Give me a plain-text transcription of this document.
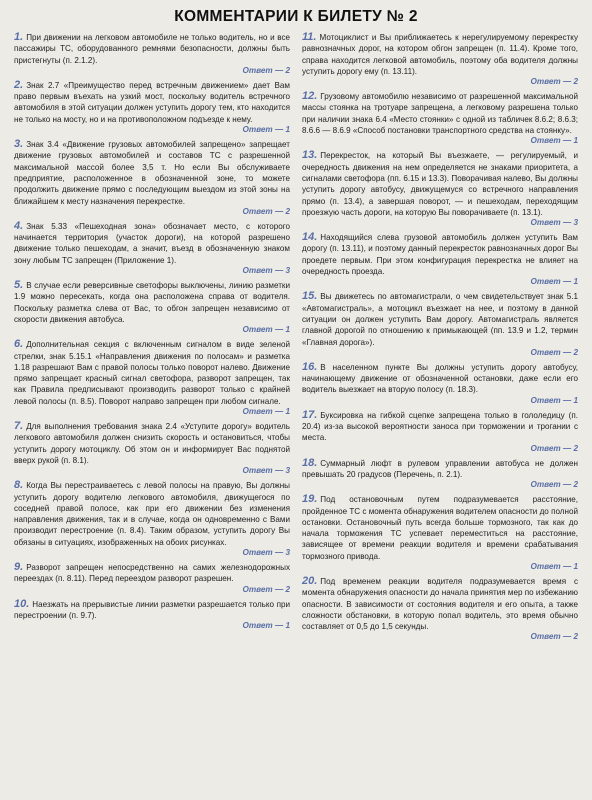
КОММЕНТАРИИ К БИЛЕТУ № 2
1. При движении на легковом автомобиле не только водитель, но и все пассажиры ТС, оборудованного ремнями безопасности, должны быть пристегнуты (п. 2.1.2).
Ответ — 2
2. Знак 2.7 «Преимущество перед встречным движением» дает Вам право первым въехать на узкий мост, поскольку водитель встречного автомобиля в этой ситуации должен уступить дорогу тем, кто находится не только на мосту, но и на противоположном подъезде к нему.
Ответ — 1
3. Знак 3.4 «Движение грузовых автомобилей запрещено» запрещает движение грузовых автомобилей и составов ТС с разрешенной максимальной массой более 3,5 т. Но если Вы обслуживаете предприятие, расположенное в обозначенной зоне, то можете продолжить движение прямо с последующим выездом из этой зоны на ближайшем к месту назначения перекрестке.
Ответ — 2
4. Знак 5.33 «Пешеходная зона» обозначает место, с которого начинается территория (участок дороги), на которой разрешено движение только пешеходам, а значит, въезд в обозначенную знаком зону любым ТС запрещен (Приложение 1).
Ответ — 3
5. В случае если реверсивные светофоры выключены, линию разметки 1.9 можно пересекать, когда она расположена справа от водителя. Поскольку разметка слева от Вас, то обгон запрещен независимо от скорости движения автобуса.
Ответ — 1
6. Дополнительная секция с включенным сигналом в виде зеленой стрелки, знак 5.15.1 «Направления движения по полосам» и разметка 1.18 разрешают Вам с правой полосы только поворот налево. Движение прямо запрещает красный сигнал светофора, разворот запрещен, так как Правила предписывают производить разворот только с крайней левой полосы (п. 8.5). Поворот направо запрещен при любом сигнале.
Ответ — 1
7. Для выполнения требования знака 2.4 «Уступите дорогу» водитель легкового автомобиля должен снизить скорость и остановиться, чтобы уступить дорогу мотоциклу. Об этом он и информирует Вас поднятой вверх рукой (п. 8.1).
Ответ — 3
8. Когда Вы перестраиваетесь с левой полосы на правую, Вы должны уступить дорогу водителю легкового автомобиля, движущегося по соседней правой полосе, как при его движении без изменения направления движения, так и в случае, когда он одновременно с Вами производит перестроение (п. 8.4). Таким образом, уступить дорогу Вы обязаны в ситуациях, изображенных на обоих рисунках.
Ответ — 3
9. Разворот запрещен непосредственно на самих железнодорожных переездах (п. 8.11). Перед переездом разворот разрешен.
Ответ — 2
10. Наезжать на прерывистые линии разметки разрешается только при перестроении (п. 9.7).
Ответ — 1
11. Мотоциклист и Вы приближаетесь к нерегулируемому перекрестку равнозначных дорог, на котором обгон запрещен (п. 11.4). Кроме того, справа находится легковой автомобиль, поэтому оба водителя должны уступить дорогу ему (п. 13.11).
Ответ — 2
12. Грузовому автомобилю независимо от разрешенной максимальной массы стоянка на тротуаре запрещена, а легковому разрешена только при наличии знака 6.4 «Место стоянки» с одной из табличек 8.6.2; 8.6.3; 8.6.6 — 8.6.9 «Способ постановки транспортного средства на стоянку».
Ответ — 1
13. Перекресток, на который Вы въезжаете, — регулируемый, и очередность движения на нем определяется не знаками приоритета, а сигналами светофора (пп. 6.15 и 13.3). Поворачивая налево, Вы должны уступить дорогу автобусу, движущемуся со встречного направления прямо (п. 13.4), а завершая поворот, — и пешеходам, переходящим проезжую часть дороги, на которую Вы поворачиваете (п. 13.1).
Ответ — 3
14. Находящийся слева грузовой автомобиль должен уступить Вам дорогу (п. 13.11), и поэтому данный перекресток равнозначных дорог Вы проедете первым. При этом конфигурация перекрестка не влияет на очередность проезда.
Ответ — 1
15. Вы движетесь по автомагистрали, о чем свидетельствует знак 5.1 «Автомагистраль», а мотоцикл въезжает на нее, и поэтому в данной ситуации он должен уступить Вам дорогу. Автомагистраль является главной дорогой по отношению к примыкающей (пп. 13.9 и 1.2, термин «Главная дорога»).
Ответ — 2
16. В населенном пункте Вы должны уступить дорогу автобусу, начинающему движение от обозначенной остановки, даже если его водитель выезжает на вторую полосу (п. 18.3).
Ответ — 1
17. Буксировка на гибкой сцепке запрещена только в гололедицу (п. 20.4) из-за высокой вероятности заноса при торможении и трогании с места.
Ответ — 2
18. Суммарный люфт в рулевом управлении автобуса не должен превышать 20 градусов (Перечень, п. 2.1).
Ответ — 2
19. Под остановочным путем подразумевается расстояние, пройденное ТС с момента обнаружения водителем опасности до полной остановки. Остановочный путь всегда больше тормозного, так как до начала торможения ТС успевает переместиться на расстояние, зависящее от времени реакции водителя и времени срабатывания тормозного привода.
Ответ — 1
20. Под временем реакции водителя подразумевается время с момента обнаружения опасности до начала принятия мер по избежанию опасности. В зависимости от состояния водителя и его опыта, а также сложности обстановки, в которую попал водитель, это время обычно составляет от 0,5 до 1,5 секунды.
Ответ — 2
